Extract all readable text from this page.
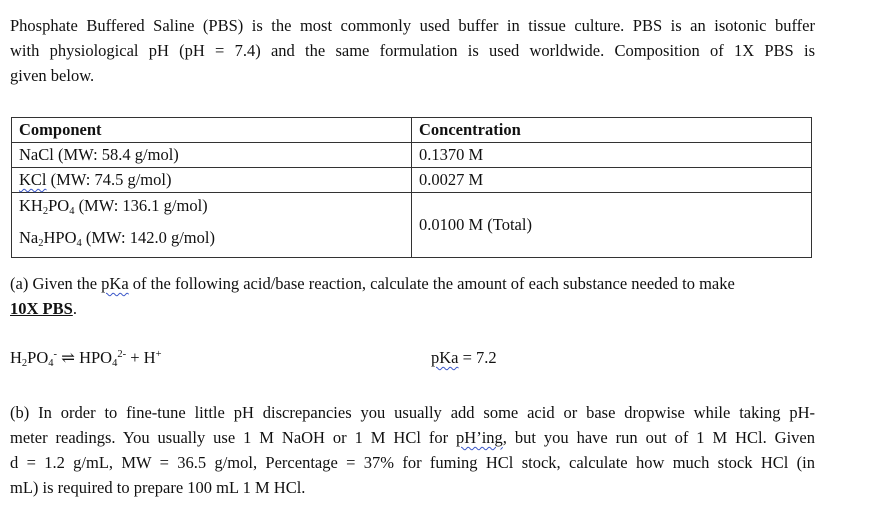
Phosphate Buffered Saline (PBS) is the most commonly used buffer in tissue culture. PBS is an isotonic buffer
with physiological pH (pH = 7.4) and the same formulation is used worldwide. Composition of 1X PBS is
given below.
Component	Concentration
NaCl (MW: 58.4 g/mol)	0.1370 M
KCl (MW: 74.5 g/mol)	0.0027 M

$KH_2PO_4$ (MW: 136.1 g/mol)
$Na_2HPO_4$ (MW: 142.0 g/mol)	0.0100 M (Total)
(a) Given the pKa of the following acid/base reaction, calculate the amount of each substance needed to make
10X PBS.
$H_2PO_4^-$ ⇌ $HPO_4^{2-} + H^+$	pKa = 7.2
(b) In order to fine-tune little pH discrepancies you usually add some acid or base dropwise while taking pH-
meter readings. You usually use 1 M NaOH or 1 M HCl for pH’ing, but you have run out of 1 M HCl. Given
d = 1.2 g/mL, MW = 36.5 g/mol, Percentage = 37% for fuming HCl stock, calculate how much stock HCl (in
mL) is required to prepare 100 mL 1 M HCl.
